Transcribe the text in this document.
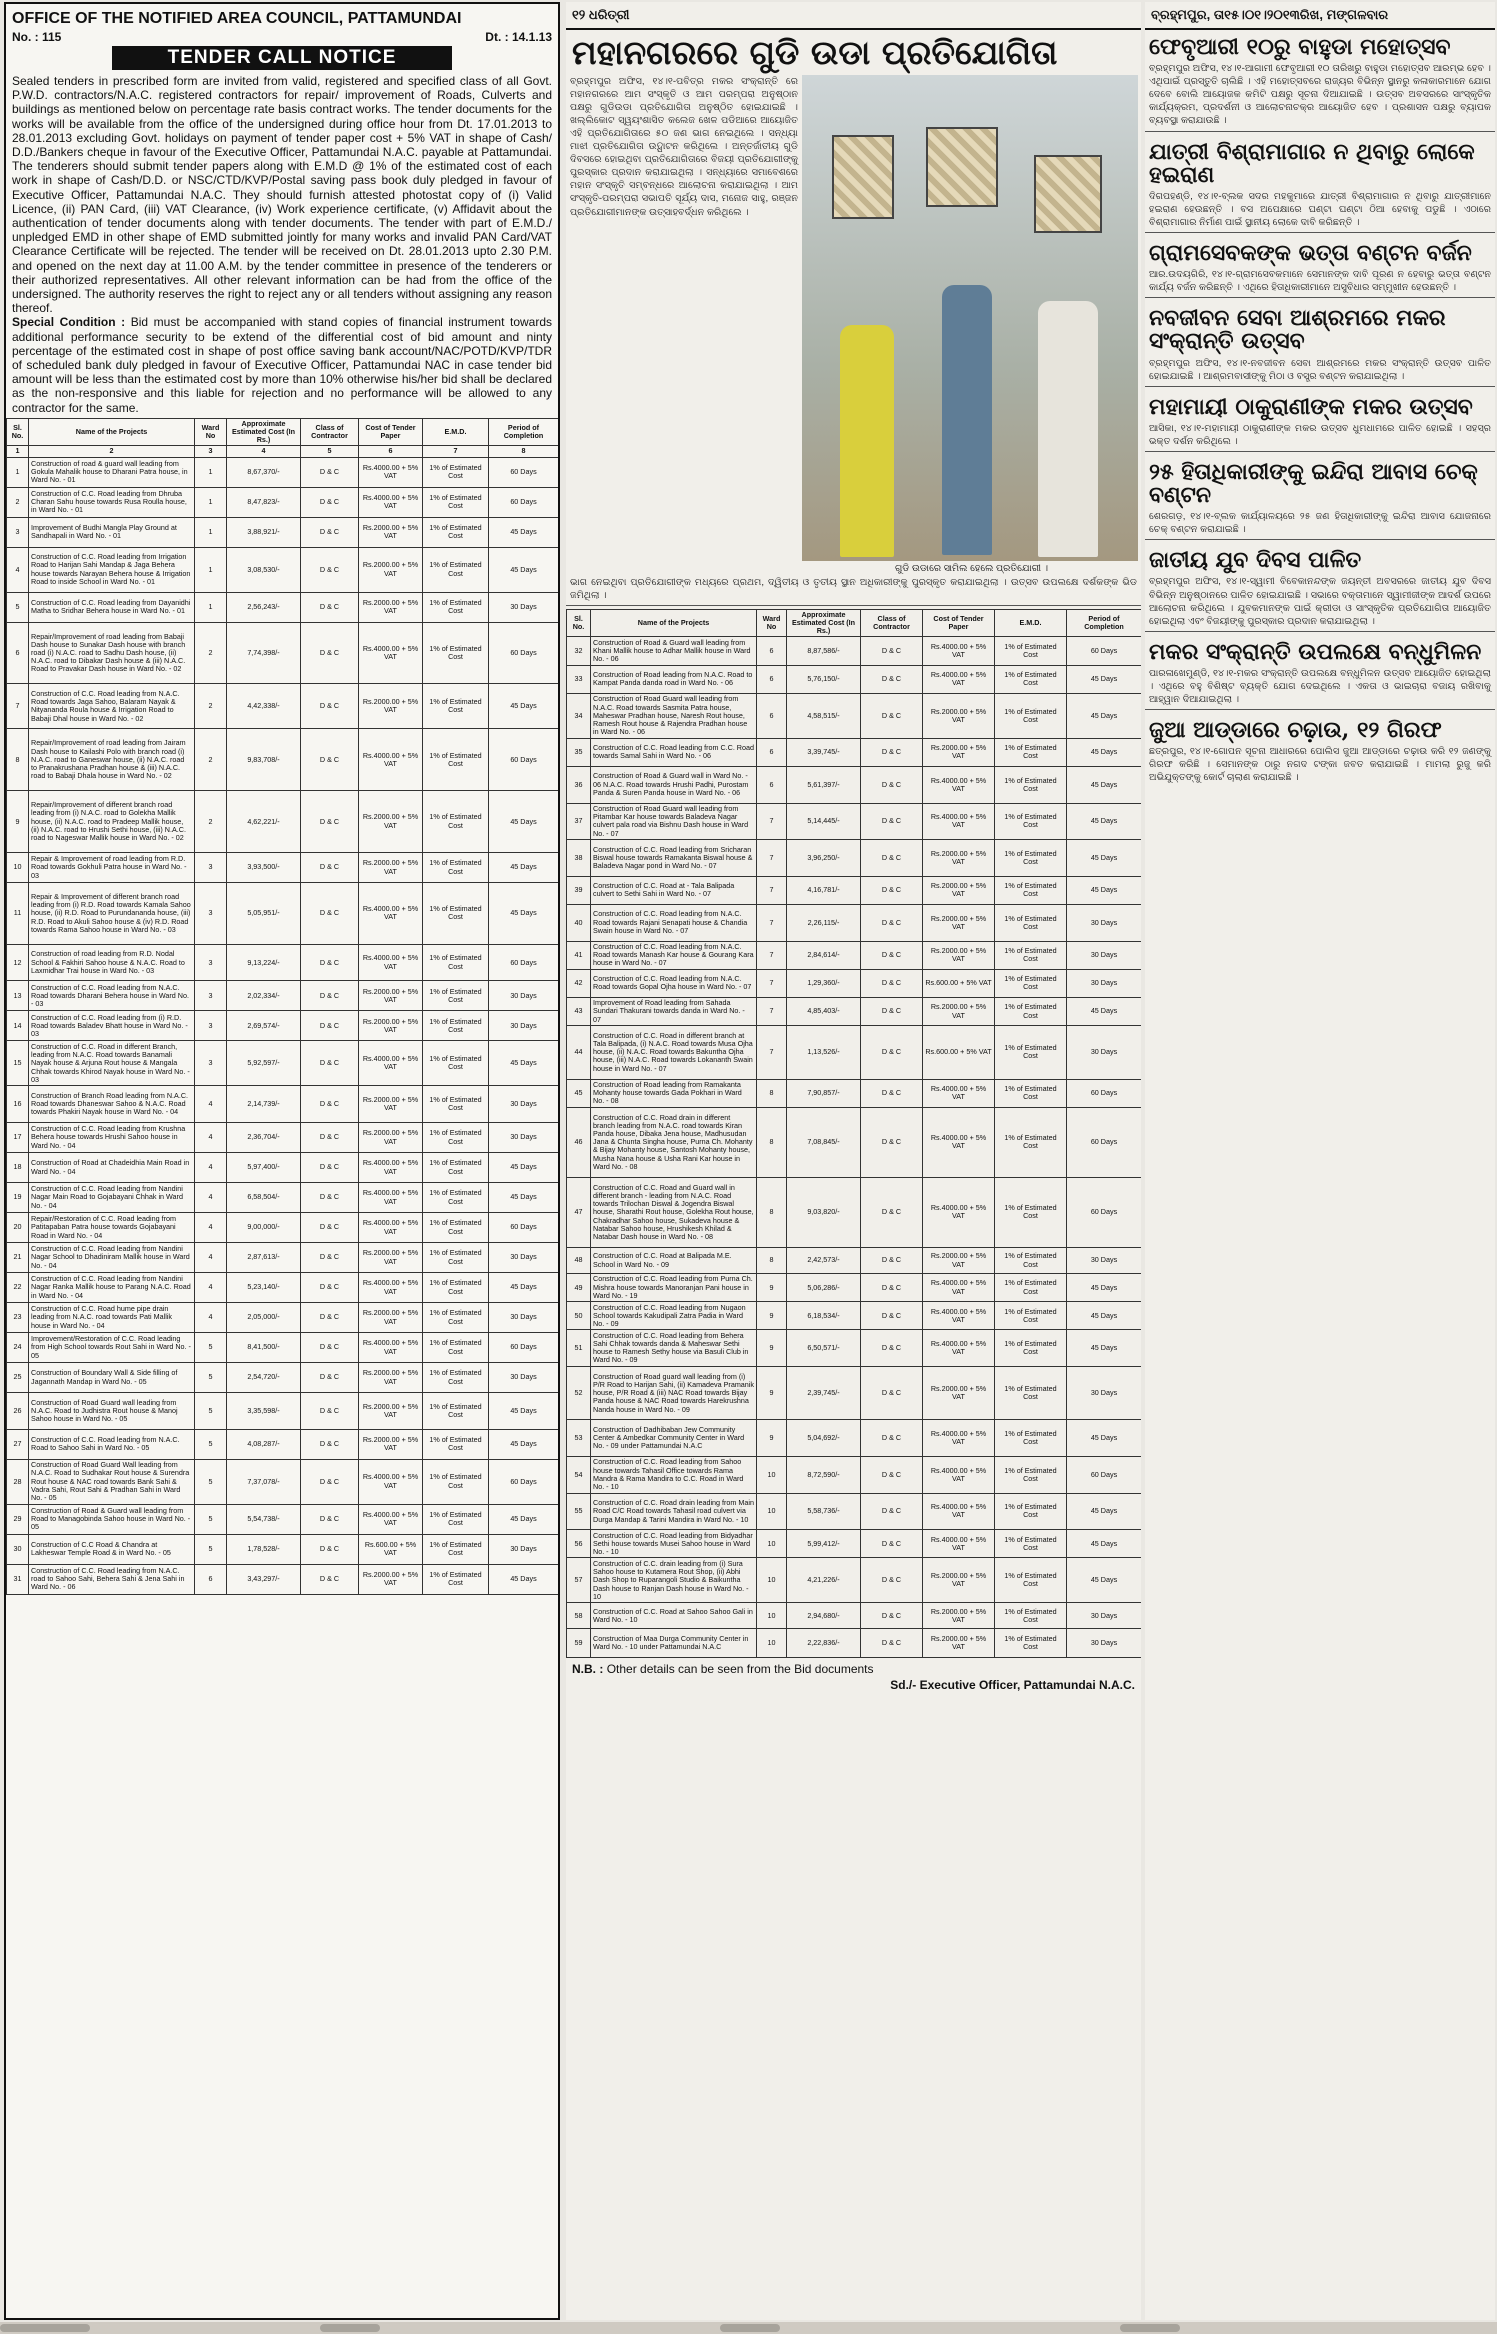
OFFICE OF THE NOTIFIED AREA COUNCIL, PATTAMUNDAI
No. : 115	Dt. : 14.1.13
TENDER CALL NOTICE

Sealed tenders in prescribed form are invited from valid, registered and specified class of all Govt. P.W.D. contractors/N.A.C. registered contractors for repair/ improvement of Roads, Culverts and buildings as mentioned below on percentage rate basis contract works. The tender documents for the works will be available from the office of the undersigned during office hour from Dt. 17.01.2013 to 28.01.2013 excluding Govt. holidays on payment of tender paper cost + 5% VAT in shape of Cash/ D.D./Bankers cheque in favour of the Executive Officer, Pattamundai N.A.C. payable at Pattamundai. The tenderers should submit tender papers along with E.M.D @ 1% of the estimated cost of each work in shape of Cash/D.D. or NSC/CTD/KVP/Postal saving pass book duly pledged in favour of Executive Officer, Pattamundai N.A.C. They should furnish attested photostat copy of (i) Valid Licence, (ii) PAN Card, (iii) VAT Clearance, (iv) Work experience certificate, (v) Affidavit about the authentication of tender documents along with tender documents. The tender with part of E.M.D./ unpledged EMD in other shape of EMD submitted jointly for many works and invalid PAN Card/VAT Clearance Certificate will be rejected. The tender will be received on Dt. 28.01.2013 upto 2.30 P.M. and opened on the next day at 11.00 A.M. by the tender committee in presence of the tenderers or their authorized representatives. All other relevant information can be had from the office of the undersigned. The authority reserves the right to reject any or all tenders without assigning any reason thereof.

Special Condition : Bid must be accompanied with stand copies of financial instrument towards additional performance security to be extend of the differential cost of bid amount and ninty percentage of the estimated cost in shape of post office saving bank account/NAC/POTD/KVP/TDR of scheduled bank duly pledged in favour of Executive Officer, Pattamundai NAC in case tender bid amount will be less than the estimated cost by more than 10% otherwise his/her bid shall be declared as the non-responsive and this liable for rejection and no performance will be allowed to any contractor for the same.

Sl. No.	Name of the Projects	Ward No	Approximate Estimated Cost (In Rs.)	Class of Contractor	Cost of Tender Paper	E.M.D.	Period of Completion
1	2	3	4	5	6	7	8
1	Construction of road & guard wall leading from Gokula Mahalik house to Dharani Patra house, in Ward No. - 01	1	8,67,370/-	D & C	Rs.4000.00 + 5% VAT	1% of Estimated Cost	60 Days
2	Construction of C.C. Road leading from Dhruba Charan Sahu house towards Rusa Roulla house, in Ward No. - 01	1	8,47,823/-	D & C	Rs.4000.00 + 5% VAT	1% of Estimated Cost	60 Days
3	Improvement of Budhi Mangla Play Ground at Sandhapali in Ward No. - 01	1	3,88,921/-	D & C	Rs.2000.00 + 5% VAT	1% of Estimated Cost	45 Days
4	Construction of C.C. Road leading from Irrigation Road to Harijan Sahi Mandap & Jaga Behera house towards Narayan Behera house & Irrigation Road to inside School in Ward No. - 01	1	3,08,530/-	D & C	Rs.2000.00 + 5% VAT	1% of Estimated Cost	45 Days
5	Construction of C.C. Road leading from Dayanidhi Matha to Sridhar Behera house in Ward No. - 01	1	2,56,243/-	D & C	Rs.2000.00 + 5% VAT	1% of Estimated Cost	30 Days
6	Repair/Improvement of road leading from Babaji Dash house to Sunakar Dash house with branch road (i) N.A.C. road to Sadhu Dash house, (ii) N.A.C. road to Dibakar Dash house & (iii) N.A.C. Road to Pravakar Dash house in Ward No. - 02	2	7,74,398/-	D & C	Rs.4000.00 + 5% VAT	1% of Estimated Cost	60 Days
7	Construction of C.C. Road leading from N.A.C. Road towards Jaga Sahoo, Balaram Nayak & Nityananda Roula house & Irrigation Road to Babaji Dhal house in Ward No. - 02	2	4,42,338/-	D & C	Rs.2000.00 + 5% VAT	1% of Estimated Cost	45 Days
8	Repair/Improvement of road leading from Jairam Dash house to Kailashi Polo with branch road (i) N.A.C. road to Ganeswar house, (ii) N.A.C. road to Pranakrushana Pradhan house & (iii) N.A.C. road to Babaji Dhala house in Ward No. - 02	2	9,83,708/-	D & C	Rs.4000.00 + 5% VAT	1% of Estimated Cost	60 Days
9	Repair/Improvement of different branch road leading from (i) N.A.C. road to Golekha Mallik house, (ii) N.A.C. road to Pradeep Mallik house, (ii) N.A.C. road to Hrushi Sethi house, (iii) N.A.C. road to Nageswar Mallik house in Ward No. - 02	2	4,62,221/-	D & C	Rs.2000.00 + 5% VAT	1% of Estimated Cost	45 Days
10	Repair & Improvement of road leading from R.D. Road towards Gokhuli Patra house in Ward No. - 03	3	3,93,500/-	D & C	Rs.2000.00 + 5% VAT	1% of Estimated Cost	45 Days
11	Repair & Improvement of different branch road leading from (i) R.D. Road towards Kamala Sahoo house, (ii) R.D. Road to Purundananda house, (iii) R.D. Road to Akuli Sahoo house & (iv) R.D. Road towards Rama Sahoo house in Ward No. - 03	3	5,05,951/-	D & C	Rs.4000.00 + 5% VAT	1% of Estimated Cost	45 Days
12	Construction of road leading from R.D. Nodal School & Fakhiri Sahoo house & N.A.C. Road to Laxmidhar Trai house in Ward No. - 03	3	9,13,224/-	D & C	Rs.4000.00 + 5% VAT	1% of Estimated Cost	60 Days
13	Construction of C.C. Road leading from N.A.C. Road towards Dharani Behera house in Ward No. - 03	3	2,02,334/-	D & C	Rs.2000.00 + 5% VAT	1% of Estimated Cost	30 Days
14	Construction of C.C. Road leading from (i) R.D. Road towards Baladev Bhatt house in Ward No. - 03	3	2,69,574/-	D & C	Rs.2000.00 + 5% VAT	1% of Estimated Cost	30 Days
15	Construction of C.C. Road in different Branch, leading from N.A.C. Road towards Banamali Nayak house & Arjuna Rout house & Mangala Chhak towards Khirod Nayak house in Ward No. - 03	3	5,92,597/-	D & C	Rs.4000.00 + 5% VAT	1% of Estimated Cost	45 Days
16	Construction of Branch Road leading from N.A.C. Road towards Dhaneswar Sahoo & N.A.C. Road towards Phakiri Nayak house in Ward No. - 04	4	2,14,739/-	D & C	Rs.2000.00 + 5% VAT	1% of Estimated Cost	30 Days
17	Construction of C.C. Road leading from Krushna Behera house towards Hrushi Sahoo house in Ward No. - 04	4	2,36,704/-	D & C	Rs.2000.00 + 5% VAT	1% of Estimated Cost	30 Days
18	Construction of Road at Chadeidhia Main Road in Ward No. - 04	4	5,97,400/-	D & C	Rs.4000.00 + 5% VAT	1% of Estimated Cost	45 Days
19	Construction of C.C. Road leading from Nandini Nagar Main Road to Gojabayani Chhak in Ward No. - 04	4	6,58,504/-	D & C	Rs.4000.00 + 5% VAT	1% of Estimated Cost	45 Days
20	Repair/Restoration of C.C. Road leading from Patitapaban Patra house towards Gojabayani Road in Ward No. - 04	4	9,00,000/-	D & C	Rs.4000.00 + 5% VAT	1% of Estimated Cost	60 Days
21	Construction of C.C. Road leading from Nandini Nagar School to Dhadiniram Mallik house in Ward No. - 04	4	2,87,613/-	D & C	Rs.2000.00 + 5% VAT	1% of Estimated Cost	30 Days
22	Construction of C.C. Road leading from Nandini Nagar Ranka Mallik house to Parang N.A.C. Road in Ward No. - 04	4	5,23,140/-	D & C	Rs.4000.00 + 5% VAT	1% of Estimated Cost	45 Days
23	Construction of C.C. Road hume pipe drain leading from N.A.C. road towards Pati Mallik house in Ward No. - 04	4	2,05,000/-	D & C	Rs.2000.00 + 5% VAT	1% of Estimated Cost	30 Days
24	Improvement/Restoration of C.C. Road leading from High School towards Rout Sahi in Ward No. - 05	5	8,41,500/-	D & C	Rs.4000.00 + 5% VAT	1% of Estimated Cost	60 Days
25	Construction of Boundary Wall & Side filling of Jagannath Mandap in Ward No. - 05	5	2,54,720/-	D & C	Rs.2000.00 + 5% VAT	1% of Estimated Cost	30 Days
26	Construction of Road Guard wall leading from N.A.C. Road to Judhistra Rout house & Manoj Sahoo house in Ward No. - 05	5	3,35,598/-	D & C	Rs.2000.00 + 5% VAT	1% of Estimated Cost	45 Days
27	Construction of C.C. Road leading from N.A.C. Road to Sahoo Sahi in Ward No. - 05	5	4,08,287/-	D & C	Rs.2000.00 + 5% VAT	1% of Estimated Cost	45 Days
28	Construction of Road Guard Wall leading from N.A.C. Road to Sudhakar Rout house & Surendra Rout house & NAC road towards Bank Sahi & Vadra Sahi, Rout Sahi & Pradhan Sahi in Ward No. - 05	5	7,37,078/-	D & C	Rs.4000.00 + 5% VAT	1% of Estimated Cost	60 Days
29	Construction of Road & Guard wall leading from Road to Managobinda Sahoo house in Ward No. - 05	5	5,54,738/-	D & C	Rs.4000.00 + 5% VAT	1% of Estimated Cost	45 Days
30	Construction of C.C Road & Chandra at Lakheswar Temple Road & in Ward No. - 05	5	1,78,528/-	D & C	Rs.600.00 + 5% VAT	1% of Estimated Cost	30 Days
31	Construction of C.C. Road leading from N.A.C. road to Sahoo Sahi, Behera Sahi & Jena Sahi in Ward No. - 06	6	3,43,297/-	D & C	Rs.2000.00 + 5% VAT	1% of Estimated Cost	45 Days
୧୨ ଧରିତ୍ରୀ
ମହାନଗରରେ ଗୁଡି ଉଡା ପ୍ରତିଯୋଗିତା

ବ୍ରହ୍ମପୁର ଅଫିସ, ୧୪।୧-ପବିତ୍ର ମକର ସଂକ୍ରାନ୍ତି ରେ ମହାନଗରରେ ଆମ ସଂସ୍କୃତି ଓ ଆମ ପରମ୍ପରା ଅନୁଷ୍ଠାନ ପକ୍ଷରୁ ଗୁଡିଉଡା ପ୍ରତିଯୋଗିତା ଅନୁଷ୍ଠିତ ହୋଇଯାଇଛି । ଖଲ୍ଲିକୋଟ ସ୍ୱୟଂଶାସିତ କଲେଜ ଖେଳ ପଡିଆରେ ଆୟୋଜିତ ଏହି ପ୍ରତିଯୋଗିତାରେ ୫୦ ଜଣ ଭାଗ ନେଇଥିଲେ । ସନ୍ଧ୍ୟା ମାଝୀ ପ୍ରତିଯୋଗିତା ଉଦ୍ଘାଟନ କରିଥିଲେ । ଅନ୍ତର୍ଜାତୀୟ ଗୁଡି ଦିବସରେ ହୋଇଥିବା ପ୍ରତିଯୋଗିତାରେ ବିଜୟୀ ପ୍ରତିଯୋଗୀଙ୍କୁ ପୁରସ୍କାର ପ୍ରଦାନ କରାଯାଇଥିଲା । ସନ୍ଧ୍ୟାରେ ସମାବେଶରେ ମହାନ ସଂସ୍କୃତି ସମ୍ବନ୍ଧରେ ଆଲୋଚନା କରାଯାଇଥିଲା । ଆମ ସଂସ୍କୃତି-ପରମ୍ପରା ସଭାପତି ସୂର୍ଯ୍ୟ ଦାସ, ମନୋଜ ସାହୁ, ରଞ୍ଜନ ପ୍ରତିଯୋଗୀମାନଙ୍କ ଉତ୍ସାହବର୍ଦ୍ଧନ କରିଥିଲେ ।

ଗୁଡି ଉଡାରେ ସାମିଲ ହେଲେ ପ୍ରତିଯୋଗୀ ।

ଭାଗ ନେଇଥିବା ପ୍ରତିଯୋଗୀଙ୍କ ମଧ୍ୟରେ ପ୍ରଥମ, ଦ୍ୱିତୀୟ ଓ ତୃତୀୟ ସ୍ଥାନ ଅଧିକାରୀଙ୍କୁ ପୁରସ୍କୃତ କରାଯାଇଥିଲା । ଉତ୍ସବ ଉପଲକ୍ଷେ ଦର୍ଶକଙ୍କ ଭିଡ ଜମିଥିଲା ।

Sl. No.	Name of the Projects	Ward No	Approximate Estimated Cost (In Rs.)	Class of Contractor	Cost of Tender Paper	E.M.D.	Period of Completion
32	Construction of Road & Guard wall leading from Khani Mallik house to Adhar Mallik house in Ward No. - 06	6	8,87,586/-	D & C	Rs.4000.00 + 5% VAT	1% of Estimated Cost	60 Days
33	Construction of Road leading from N.A.C. Road to Kampat Panda danda road in Ward No. - 06	6	5,76,150/-	D & C	Rs.4000.00 + 5% VAT	1% of Estimated Cost	45 Days
34	Construction of Road Guard wall leading from N.A.C. Road towards Sasmita Patra house, Maheswar Pradhan house, Naresh Rout house, Ramesh Rout house & Rajendra Pradhan house in Ward No. - 06	6	4,58,515/-	D & C	Rs.2000.00 + 5% VAT	1% of Estimated Cost	45 Days
35	Construction of C.C. Road leading from C.C. Road towards Samal Sahi in Ward No. - 06	6	3,39,745/-	D & C	Rs.2000.00 + 5% VAT	1% of Estimated Cost	45 Days
36	Construction of Road & Guard wall in Ward No. - 06 N.A.C. Road towards Hrushi Padhi, Purostam Panda & Suren Panda house in Ward No. - 06	6	5,61,397/-	D & C	Rs.4000.00 + 5% VAT	1% of Estimated Cost	45 Days
37	Construction of Road Guard wall leading from Pitambar Kar house towards Baladeva Nagar culvert pala road via Bishnu Dash house in Ward No. - 07	7	5,14,445/-	D & C	Rs.4000.00 + 5% VAT	1% of Estimated Cost	45 Days
38	Construction of C.C. Road leading from Sricharan Biswal house towards Ramakanta Biswal house & Baladeva Nagar pond in Ward No. - 07	7	3,96,250/-	D & C	Rs.2000.00 + 5% VAT	1% of Estimated Cost	45 Days
39	Construction of C.C. Road at - Tala Balipada culvert to Sethi Sahi in Ward No. - 07	7	4,16,781/-	D & C	Rs.2000.00 + 5% VAT	1% of Estimated Cost	45 Days
40	Construction of C.C. Road leading from N.A.C. Road towards Rajani Senapati house & Chandia Swain house in Ward No. - 07	7	2,26,115/-	D & C	Rs.2000.00 + 5% VAT	1% of Estimated Cost	30 Days
41	Construction of C.C. Road leading from N.A.C. Road towards Manash Kar house & Gourang Kara house in Ward No. - 07	7	2,84,614/-	D & C	Rs.2000.00 + 5% VAT	1% of Estimated Cost	30 Days
42	Construction of C.C. Road leading from N.A.C. Road towards Gopal Ojha house in Ward No. - 07	7	1,29,360/-	D & C	Rs.600.00 + 5% VAT	1% of Estimated Cost	30 Days
43	Improvement of Road leading from Sahada Sundari Thakurani towards danda in Ward No. - 07	7	4,85,403/-	D & C	Rs.2000.00 + 5% VAT	1% of Estimated Cost	45 Days
44	Construction of C.C. Road in different branch at Tala Balipada, (i) N.A.C. Road towards Musa Ojha house, (ii) N.A.C. Road towards Bakuntha Ojha house, (iii) N.A.C. Road towards Lokananth Swain house in Ward No. - 07	7	1,13,526/-	D & C	Rs.600.00 + 5% VAT	1% of Estimated Cost	30 Days
45	Construction of Road leading from Ramakanta Mohanty house towards Gada Pokhari in Ward No. - 08	8	7,90,857/-	D & C	Rs.4000.00 + 5% VAT	1% of Estimated Cost	60 Days
46	Construction of C.C. Road drain in different branch leading from N.A.C. road towards Kiran Panda house, Dibaka Jena house, Madhusudan Jana & Chunta Singha house, Purna Ch. Mohanty & Bijay Mohanty house, Santosh Mohanty house, Musha Nana house & Usha Rani Kar house in Ward No. - 08	8	7,08,845/-	D & C	Rs.4000.00 + 5% VAT	1% of Estimated Cost	60 Days
47	Construction of C.C. Road and Guard wall in different branch - leading from N.A.C. Road towards Trilochan Diswal & Jogendra Biswal house, Sharathi Rout house, Golekha Rout house, Chakradhar Sahoo house, Sukadeva house & Natabar Sahoo house, Hrushikesh Khilad & Natabar Dash house in Ward No. - 08	8	9,03,820/-	D & C	Rs.4000.00 + 5% VAT	1% of Estimated Cost	60 Days
48	Construction of C.C. Road at Balipada M.E. School in Ward No. - 09	8	2,42,573/-	D & C	Rs.2000.00 + 5% VAT	1% of Estimated Cost	30 Days
49	Construction of C.C. Road leading from Purna Ch. Mishra house towards Manoranjan Pani house in Ward No. - 19	9	5,06,286/-	D & C	Rs.4000.00 + 5% VAT	1% of Estimated Cost	45 Days
50	Construction of C.C. Road leading from Nugaon School towards Kakudipali Zatra Padia in Ward No. - 09	9	6,18,534/-	D & C	Rs.4000.00 + 5% VAT	1% of Estimated Cost	45 Days
51	Construction of C.C. Road leading from Behera Sahi Chhak towards danda & Maheswar Sethi house to Ramesh Sethy house via Basuli Club in Ward No. - 09	9	6,50,571/-	D & C	Rs.4000.00 + 5% VAT	1% of Estimated Cost	45 Days
52	Construction of Road guard wall leading from (i) P/R Road to Harijan Sahi, (ii) Kamadeva Pramanik house, P/R Road & (iii) NAC Road towards Bijay Panda house & NAC Road towards Harekrushna Nanda house in Ward No. - 09	9	2,39,745/-	D & C	Rs.2000.00 + 5% VAT	1% of Estimated Cost	30 Days
53	Construction of Dadhibaban Jew Community Center & Ambedkar Community Center in Ward No. - 09 under Pattamundai N.A.C	9	5,04,692/-	D & C	Rs.4000.00 + 5% VAT	1% of Estimated Cost	45 Days
54	Construction of C.C. Road leading from Sahoo house towards Tahasil Office towards Rama Mandra & Rama Mandira to C.C. Road in Ward No. - 10	10	8,72,590/-	D & C	Rs.4000.00 + 5% VAT	1% of Estimated Cost	60 Days
55	Construction of C.C. Road drain leading from Main Road C/C Road towards Tahasil road culvert via Durga Mandap & Tarini Mandira in Ward No. - 10	10	5,58,736/-	D & C	Rs.4000.00 + 5% VAT	1% of Estimated Cost	45 Days
56	Construction of C.C. Road leading from Bidyadhar Sethi house towards Musei Sahoo house in Ward No. - 10	10	5,99,412/-	D & C	Rs.4000.00 + 5% VAT	1% of Estimated Cost	45 Days
57	Construction of C.C. drain leading from (i) Sura Sahoo house to Kutamera Rout Shop, (ii) Abhi Dash Shop to Ruparangoli Studio & Baikuntha Dash house to Ranjan Dash house in Ward No. - 10	10	4,21,226/-	D & C	Rs.2000.00 + 5% VAT	1% of Estimated Cost	45 Days
58	Construction of C.C. Road at Sahoo Sahoo Gali in Ward No. - 10	10	2,94,680/-	D & C	Rs.2000.00 + 5% VAT	1% of Estimated Cost	30 Days
59	Construction of Maa Durga Community Center in Ward No. - 10 under Pattamundai N.A.C	10	2,22,836/-	D & C	Rs.2000.00 + 5% VAT	1% of Estimated Cost	30 Days
N.B. : Other details can be seen from the Bid documents
Sd./- Executive Officer, Pattamundai N.A.C.
ବ୍ରହ୍ମପୁର, ତା୧୫।୦୧।୨୦୧୩ରିଖ, ମଙ୍ଗଳବାର
ଫେବୃଆରୀ ୧୦ରୁ ବାହୁଡା ମହୋତ୍ସବ

ବ୍ରହ୍ମପୁର ଅଫିସ, ୧୪।୧-ଆଗାମୀ ଫେବୃଆରୀ ୧୦ ତାରିଖରୁ ବାହୁଡା ମହୋତ୍ସବ ଆରମ୍ଭ ହେବ । ଏଥିପାଇଁ ପ୍ରସ୍ତୁତି ଚାଲିଛି । ଏହି ମହୋତ୍ସବରେ ରାଜ୍ୟର ବିଭିନ୍ନ ସ୍ଥାନରୁ କଳାକାରମାନେ ଯୋଗ ଦେବେ ବୋଲି ଆୟୋଜକ କମିଟି ପକ୍ଷରୁ ସୂଚନା ଦିଆଯାଇଛି । ଉତ୍ସବ ଅବସରରେ ସାଂସ୍କୃତିକ କାର୍ଯ୍ୟକ୍ରମ, ପ୍ରଦର୍ଶନୀ ଓ ଆଲୋଚନାଚକ୍ର ଆୟୋଜିତ ହେବ । ପ୍ରଶାସନ ପକ୍ଷରୁ ବ୍ୟାପକ ବ୍ୟବସ୍ଥା କରାଯାଉଛି ।

ଯାତ୍ରୀ ବିଶ୍ରାମାଗାର ନ ଥିବାରୁ ଲୋକେ ହଇରାଣ

ଦିଗପହଣ୍ଡି, ୧୪।୧-ବ୍ଲକ ସଦର ମହକୁମାରେ ଯାତ୍ରୀ ବିଶ୍ରାମାଗାର ନ ଥିବାରୁ ଯାତ୍ରୀମାନେ ହଇରାଣ ହେଉଛନ୍ତି । ବସ ଅପେକ୍ଷାରେ ଘଣ୍ଟା ଘଣ୍ଟା ଠିଆ ହେବାକୁ ପଡୁଛି । ଏଠାରେ ବିଶ୍ରାମାଗାର ନିର୍ମାଣ ପାଇଁ ସ୍ଥାନୀୟ ଲୋକେ ଦାବି କରିଛନ୍ତି ।

ଗ୍ରାମସେବକଙ୍କ ଭତ୍ତା ବଣ୍ଟନ ବର୍ଜନ

ଆର.ଉଦୟଗିରି, ୧୪।୧-ଗ୍ରାମସେବକମାନେ ସେମାନଙ୍କ ଦାବି ପୂରଣ ନ ହେବାରୁ ଭତ୍ତା ବଣ୍ଟନ କାର୍ଯ୍ୟ ବର୍ଜନ କରିଛନ୍ତି । ଏଥିରେ ହିତାଧିକାରୀମାନେ ଅସୁବିଧାର ସମ୍ମୁଖୀନ ହେଉଛନ୍ତି ।

ନବଜୀବନ ସେବା ଆଶ୍ରମରେ ମକର ସଂକ୍ରାନ୍ତି ଉତ୍ସବ

ବ୍ରହ୍ମପୁର ଅଫିସ, ୧୪।୧-ନବଜୀବନ ସେବା ଆଶ୍ରମରେ ମକର ସଂକ୍ରାନ୍ତି ଉତ୍ସବ ପାଳିତ ହୋଇଯାଇଛି । ଆଶ୍ରମବାସୀଙ୍କୁ ମିଠା ଓ ବସ୍ତ୍ର ବଣ୍ଟନ କରାଯାଇଥିଲା ।

ମହାମାୟୀ ଠାକୁରାଣୀଙ୍କ ମକର ଉତ୍ସବ

ଆସିକା, ୧୪।୧-ମହାମାୟୀ ଠାକୁରାଣୀଙ୍କ ମକର ଉତ୍ସବ ଧୁମଧାମରେ ପାଳିତ ହୋଇଛି । ସହସ୍ର ଭକ୍ତ ଦର୍ଶନ କରିଥିଲେ ।

୨୫ ହିତାଧିକାରୀଙ୍କୁ ଇନ୍ଦିରା ଆବାସ ଚେକ୍ ବଣ୍ଟନ

ଶେରଗଡ଼, ୧୪।୧-ବ୍ଲକ କାର୍ଯ୍ୟାଳୟରେ ୨୫ ଜଣ ହିତାଧିକାରୀଙ୍କୁ ଇନ୍ଦିରା ଆବାସ ଯୋଜନାରେ ଚେକ୍ ବଣ୍ଟନ କରାଯାଇଛି ।

ଜାତୀୟ ଯୁବ ଦିବସ ପାଳିତ

ବ୍ରହ୍ମପୁର ଅଫିସ, ୧୪।୧-ସ୍ୱାମୀ ବିବେକାନନ୍ଦଙ୍କ ଜୟନ୍ତୀ ଅବସରରେ ଜାତୀୟ ଯୁବ ଦିବସ ବିଭିନ୍ନ ଅନୁଷ୍ଠାନରେ ପାଳିତ ହୋଇଯାଇଛି । ସଭାରେ ବକ୍ତାମାନେ ସ୍ୱାମୀଜୀଙ୍କ ଆଦର୍ଶ ଉପରେ ଆଲୋଚନା କରିଥିଲେ । ଯୁବକମାନଙ୍କ ପାଇଁ କ୍ରୀଡା ଓ ସାଂସ୍କୃତିକ ପ୍ରତିଯୋଗିତା ଆୟୋଜିତ ହୋଇଥିଲା ଏବଂ ବିଜୟୀଙ୍କୁ ପୁରସ୍କାର ପ୍ରଦାନ କରାଯାଇଥିଲା ।

ମକର ସଂକ୍ରାନ୍ତି ଉପଲକ୍ଷେ ବନ୍ଧୁମିଳନ

ପାରଳାଖେମୁଣ୍ଡି, ୧୪।୧-ମକର ସଂକ୍ରାନ୍ତି ଉପଲକ୍ଷେ ବନ୍ଧୁମିଳନ ଉତ୍ସବ ଆୟୋଜିତ ହୋଇଥିଲା । ଏଥିରେ ବହୁ ବିଶିଷ୍ଟ ବ୍ୟକ୍ତି ଯୋଗ ଦେଇଥିଲେ । ଏକତା ଓ ଭାଇଚାରା ବଜାୟ ରଖିବାକୁ ଆହ୍ୱାନ ଦିଆଯାଇଥିଲା ।

ଜୁଆ ଆଡ୍ଡାରେ ଚଢ଼ାଉ, ୧୨ ଗିରଫ

ଛତ୍ରପୁର, ୧୪।୧-ଗୋପନ ସୂଚନା ଆଧାରରେ ପୋଲିସ ଜୁଆ ଆଡ୍ଡାରେ ଚଢ଼ାଉ କରି ୧୨ ଜଣଙ୍କୁ ଗିରଫ କରିଛି । ସେମାନଙ୍କ ଠାରୁ ନଗଦ ଟଙ୍କା ଜବତ କରାଯାଇଛି । ମାମଲା ରୁଜୁ କରି ଅଭିଯୁକ୍ତଙ୍କୁ କୋର୍ଟ ଚାଲାଣ କରାଯାଇଛି ।
